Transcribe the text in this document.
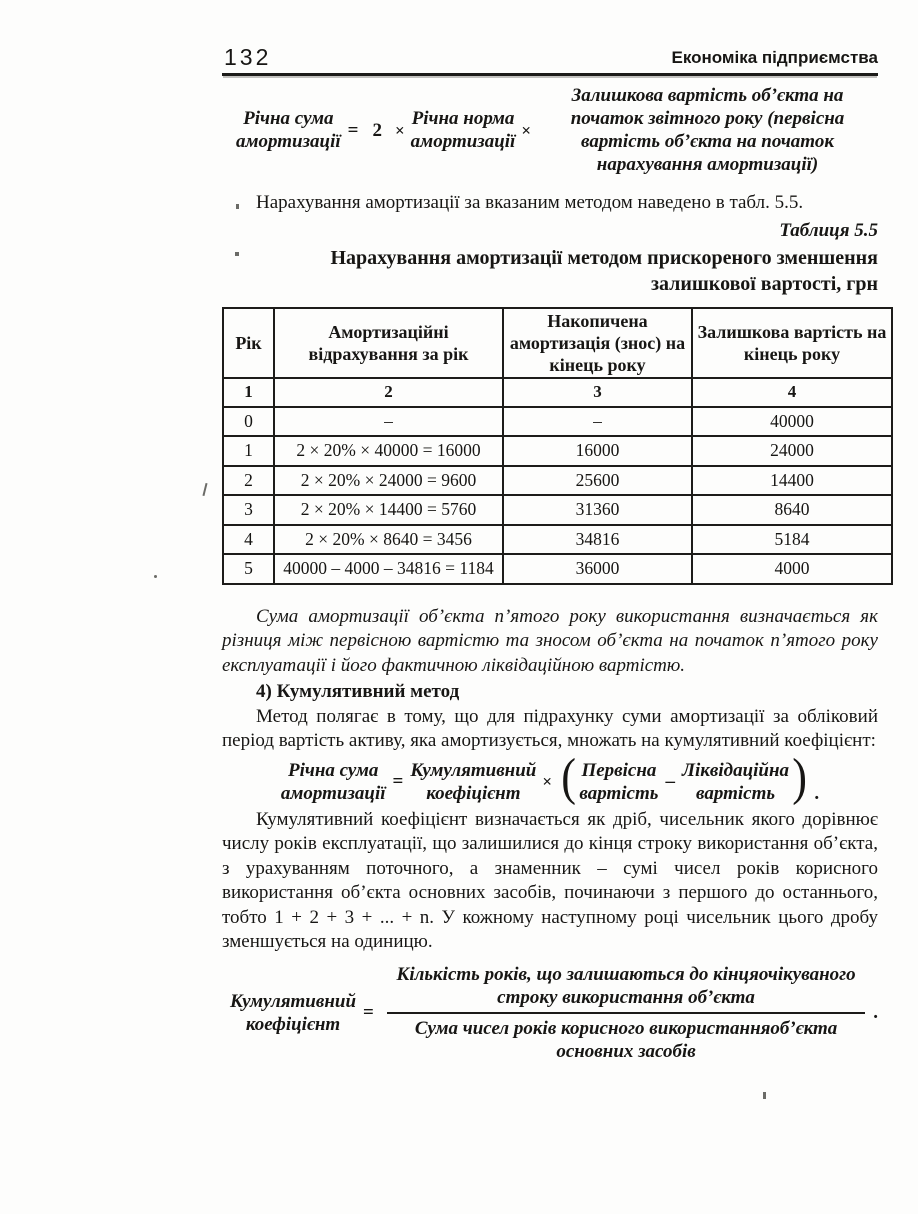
132	Економіка підприємства
Річна сума
амортизації
= 2 ×
Річна норма
амортизації
×
Залишкова вартість об’єкта на
початок звітного року (первісна
вартість об’єкта на початок
нарахування амортизації)

Нарахування амортизації за вказаним методом наведено в табл. 5.5.

Таблиця 5.5
Нарахування амортизації методом прискореного зменшення залишкової вартості, грн
Рік	Амортизаційні відрахування за рік	Накопичена амортизація (знос) на кінець року	Залишкова вартість на кінець року
1	2	3	4
0	–	–	40000
1	2 × 20% × 40000 = 16000	16000	24000
2	2 × 20% × 24000 = 9600	25600	14400
3	2 × 20% × 14400 = 5760	31360	8640
4	2 × 20% × 8640 = 3456	34816	5184
5	40000 – 4000 – 34816 = 1184	36000	4000

Сума амортизації об’єкта п’ятого року використання визначається як різниця між первісною вартістю та зносом об’єкта на початок п’ятого року експлуатації і його фактичною ліквідаційною вартістю.

4) Кумулятивний метод

Метод полягає в тому, що для підрахунку суми амортизації за обліковий період вартість активу, яка амортизується, множать на кумулятивний коефіцієнт:

Річна сума
амортизації
=
Кумулятивний
коефіцієнт
× ( Первісна
вартість
–
Ліквідаційна
вартість ) .

Кумулятивний коефіцієнт визначається як дріб, чисельник якого дорівнює числу років експлуатації, що залишилися до кінця строку використання об’єкта, з урахуванням поточного, а знаменник – сумі чисел років корисного використання об’єкта основних засобів, починаючи з першого до останнього, тобто 1 + 2 + 3 + ... + n. У кожному наступному році чисельник цього дробу зменшується на одиницю.

Кумулятивний
коефіцієнт
=
Кількість років, що залишаються до кінцяочікуваного строку використання об’єкта
Сума чисел років корисного використанняоб’єкта основних засобів
.
